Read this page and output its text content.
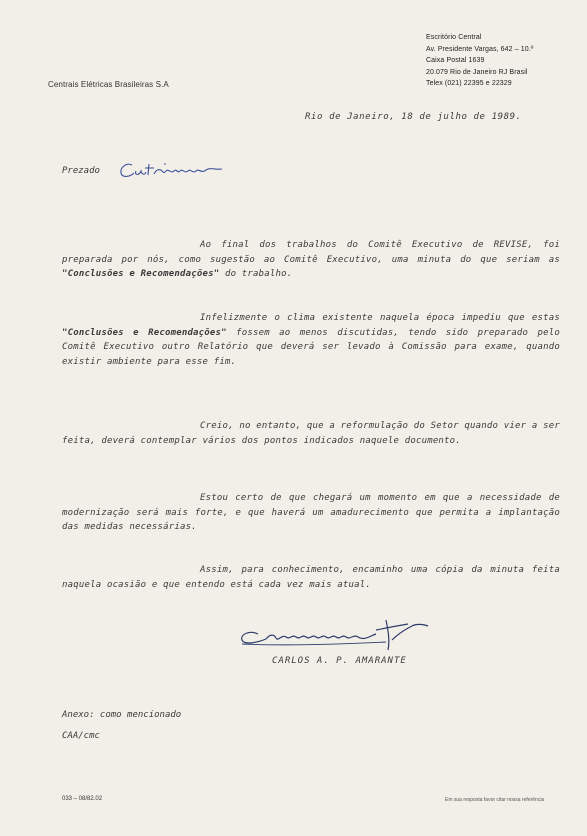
Escritório Central
Av. Presidente Vargas, 642 – 10.º
Caixa Postal 1639
20.079 Rio de Janeiro RJ Brasil
Telex (021) 22395 e 22329
Centrais Elétricas Brasileiras S.A
Rio de Janeiro, 18 de julho de 1989.
Prezado
Ao final dos trabalhos do Comitê Executivo de REVISE, foi preparada por nós, como sugestão ao Comitê Executivo, uma minuta do que seriam as "Conclusões e Recomendações" do trabalho.
Infelizmente o clima existente naquela época impediu que estas "Conclusões e Recomendações" fossem ao menos discutidas, tendo sido preparado pelo Comitê Executivo outro Relatório que deverá ser levado à Comissão para exame, quando existir ambiente para esse fim.
Creio, no entanto, que a reformulação do Setor quando vier a ser feita, deverá contemplar vários dos pontos indicados naquele documento.
Estou certo de que chegará um momento em que a necessidade de modernização será mais forte, e que haverá um amadurecimento que permita a implantação das medidas necessárias.
Assim, para conhecimento, encaminho uma cópia da minuta feita naquela ocasião e que entendo está cada vez mais atual.
CARLOS A. P. AMARANTE
Anexo: como mencionado
CAA/cmc
033 – 08/82.02	Em sua resposta favor citar nossa referência
